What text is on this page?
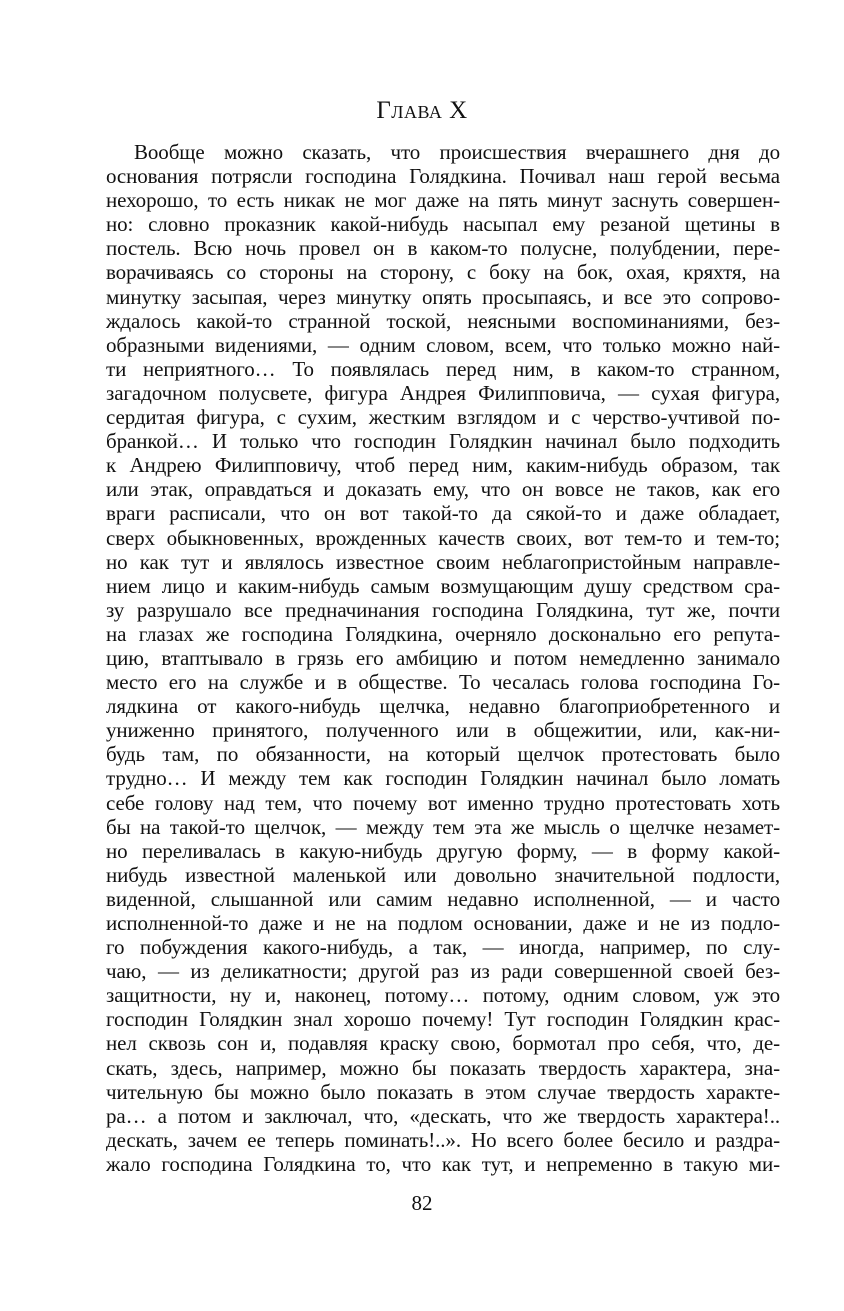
Глава X
Вообще можно сказать, что происшествия вчерашнего дня до
основания потрясли господина Голядкина. Почивал наш герой весьма
нехорошо, то есть никак не мог даже на пять минут заснуть совершен-
но: словно проказник какой-нибудь насыпал ему резаной щетины в
постель. Всю ночь провел он в каком-то полусне, полубдении, пере-
ворачиваясь со стороны на сторону, с боку на бок, охая, кряхтя, на
минутку засыпая, через минутку опять просыпаясь, и все это сопрово-
ждалось какой-то странной тоской, неясными воспоминаниями, без-
образными видениями, — одним словом, всем, что только можно най-
ти неприятного… То появлялась перед ним, в каком-то странном,
загадочном полусвете, фигура Андрея Филипповича, — сухая фигура,
сердитая фигура, с сухим, жестким взглядом и с черство-учтивой по-
бранкой… И только что господин Голядкин начинал было подходить
к Андрею Филипповичу, чтоб перед ним, каким-нибудь образом, так
или этак, оправдаться и доказать ему, что он вовсе не таков, как его
враги расписали, что он вот такой-то да сякой-то и даже обладает,
сверх обыкновенных, врожденных качеств своих, вот тем-то и тем-то;
но как тут и являлось известное своим неблагопристойным направле-
нием лицо и каким-нибудь самым возмущающим душу средством сра-
зу разрушало все предначинания господина Голядкина, тут же, почти
на глазах же господина Голядкина, очерняло досконально его репута-
цию, втаптывало в грязь его амбицию и потом немедленно занимало
место его на службе и в обществе. То чесалась голова господина Го-
лядкина от какого-нибудь щелчка, недавно благоприобретенного и
униженно принятого, полученного или в общежитии, или, как-ни-
будь там, по обязанности, на который щелчок протестовать было
трудно… И между тем как господин Голядкин начинал было ломать
себе голову над тем, что почему вот именно трудно протестовать хоть
бы на такой-то щелчок, — между тем эта же мысль о щелчке незамет-
но переливалась в какую-нибудь другую форму, — в форму какой-
нибудь известной маленькой или довольно значительной подлости,
виденной, слышанной или самим недавно исполненной, — и часто
исполненной-то даже и не на подлом основании, даже и не из подло-
го побуждения какого-нибудь, а так, — иногда, например, по слу-
чаю, — из деликатности; другой раз из ради совершенной своей без-
защитности, ну и, наконец, потому… потому, одним словом, уж это
господин Голядкин знал хорошо почему! Тут господин Голядкин крас-
нел сквозь сон и, подавляя краску свою, бормотал про себя, что, де-
скать, здесь, например, можно бы показать твердость характера, зна-
чительную бы можно было показать в этом случае твердость характе-
ра… а потом и заключал, что, «дескать, что же твердость характера!..
дескать, зачем ее теперь поминать!..». Но всего более бесило и раздра-
жало господина Голядкина то, что как тут, и непременно в такую ми-
82
